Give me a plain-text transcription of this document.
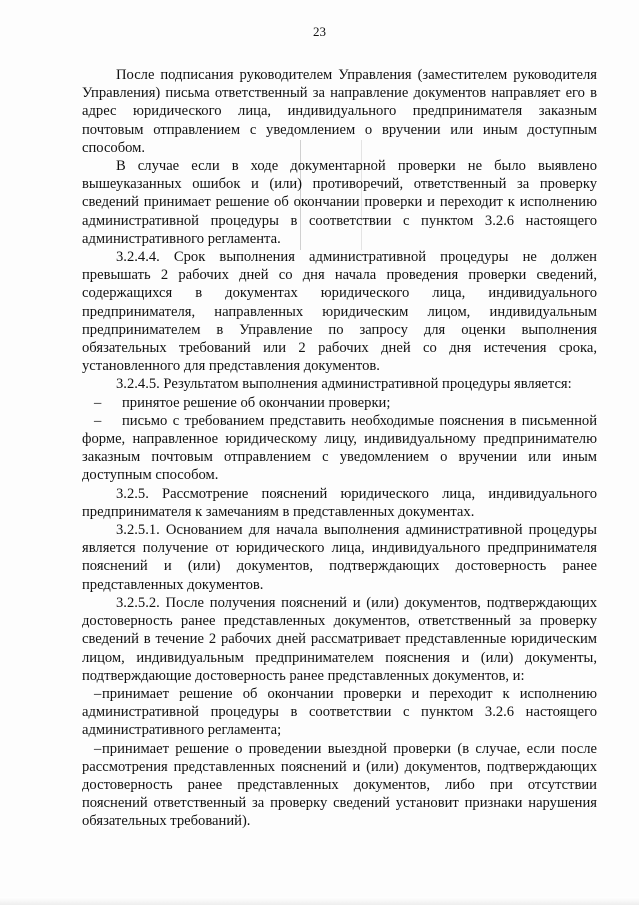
23

После подписания руководителем Управления (заместителем руководителя Управления) письма ответственный за направление документов направляет его в адрес юридического лица, индивидуального предпринимателя заказным почтовым отправлением с уведомлением о вручении или иным доступным способом.

В случае если в ходе документарной проверки не было выявлено вышеуказанных ошибок и (или) противоречий, ответственный за проверку сведений принимает решение об окончании проверки и переходит к исполнению административной процедуры в соответствии с пунктом 3.2.6 настоящего административного регламента.

3.2.4.4. Срок выполнения административной процедуры не должен превышать 2 рабочих дней со дня начала проведения проверки сведений, содержащихся в документах юридического лица, индивидуального предпринимателя, направленных юридическим лицом, индивидуальным предпринимателем в Управление по запросу для оценки выполнения обязательных требований или 2 рабочих дней со дня истечения срока, установленного для представления документов.

3.2.4.5. Результатом выполнения административной процедуры является:

– принятое решение об окончании проверки;

– письмо с требованием представить необходимые пояснения в письменной форме, направленное юридическому лицу, индивидуальному предпринимателю заказным почтовым отправлением с уведомлением о вручении или иным доступным способом.

3.2.5. Рассмотрение пояснений юридического лица, индивидуального предпринимателя к замечаниям в представленных документах.

3.2.5.1. Основанием для начала выполнения административной процедуры является получение от юридического лица, индивидуального предпринимателя пояснений и (или) документов, подтверждающих достоверность ранее представленных документов.

3.2.5.2. После получения пояснений и (или) документов, подтверждающих достоверность ранее представленных документов, ответственный за проверку сведений в течение 2 рабочих дней рассматривает представленные юридическим лицом, индивидуальным предпринимателем пояснения и (или) документы, подтверждающие достоверность ранее представленных документов, и:

–принимает решение об окончании проверки и переходит к исполнению административной процедуры в соответствии с пунктом 3.2.6 настоящего административного регламента;

–принимает решение о проведении выездной проверки (в случае, если после рассмотрения представленных пояснений и (или) документов, подтверждающих достоверность ранее представленных документов, либо при отсутствии пояснений ответственный за проверку сведений установит признаки нарушения обязательных требований).
